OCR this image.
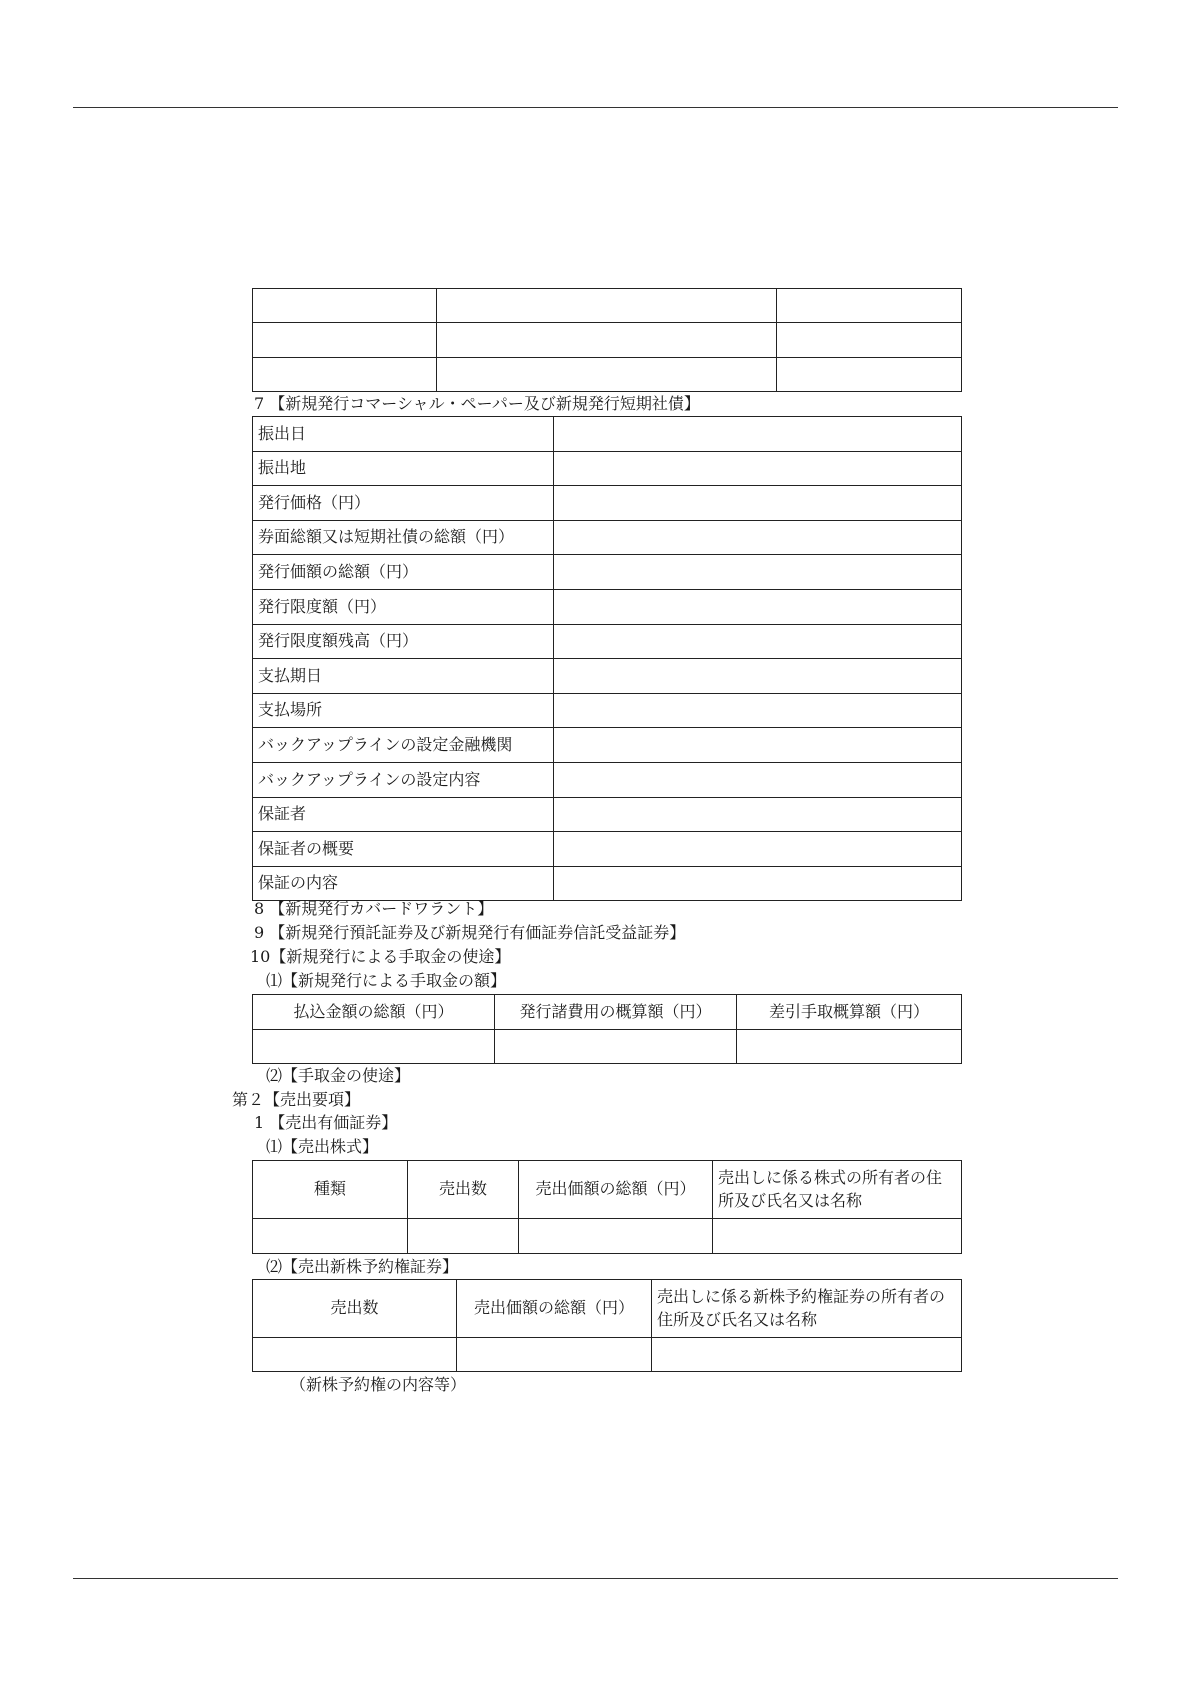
7 【新規発行コマーシャル・ペーパー及び新規発行短期社債】
振出日	
振出地	
発行価格（円）	
券面総額又は短期社債の総額（円）	
発行価額の総額（円）	
発行限度額（円）	
発行限度額残高（円）	
支払期日	
支払場所	
バックアップラインの設定金融機関	
バックアップラインの設定内容	
保証者	
保証者の概要	
保証の内容	
8 【新規発行カバードワラント】
9 【新規発行預託証券及び新規発行有価証券信託受益証券】
10【新規発行による手取金の使途】
⑴【新規発行による手取金の額】
払込金額の総額（円）	発行諸費用の概算額（円）	差引手取概算額（円）

⑵【手取金の使途】
第２【売出要項】
1 【売出有価証券】
⑴【売出株式】
種類	売出数	売出価額の総額（円）	売出しに係る株式の所有者の住所及び氏名又は名称

⑵【売出新株予約権証券】
売出数	売出価額の総額（円）	売出しに係る新株予約権証券の所有者の住所及び氏名又は名称

（新株予約権の内容等）
